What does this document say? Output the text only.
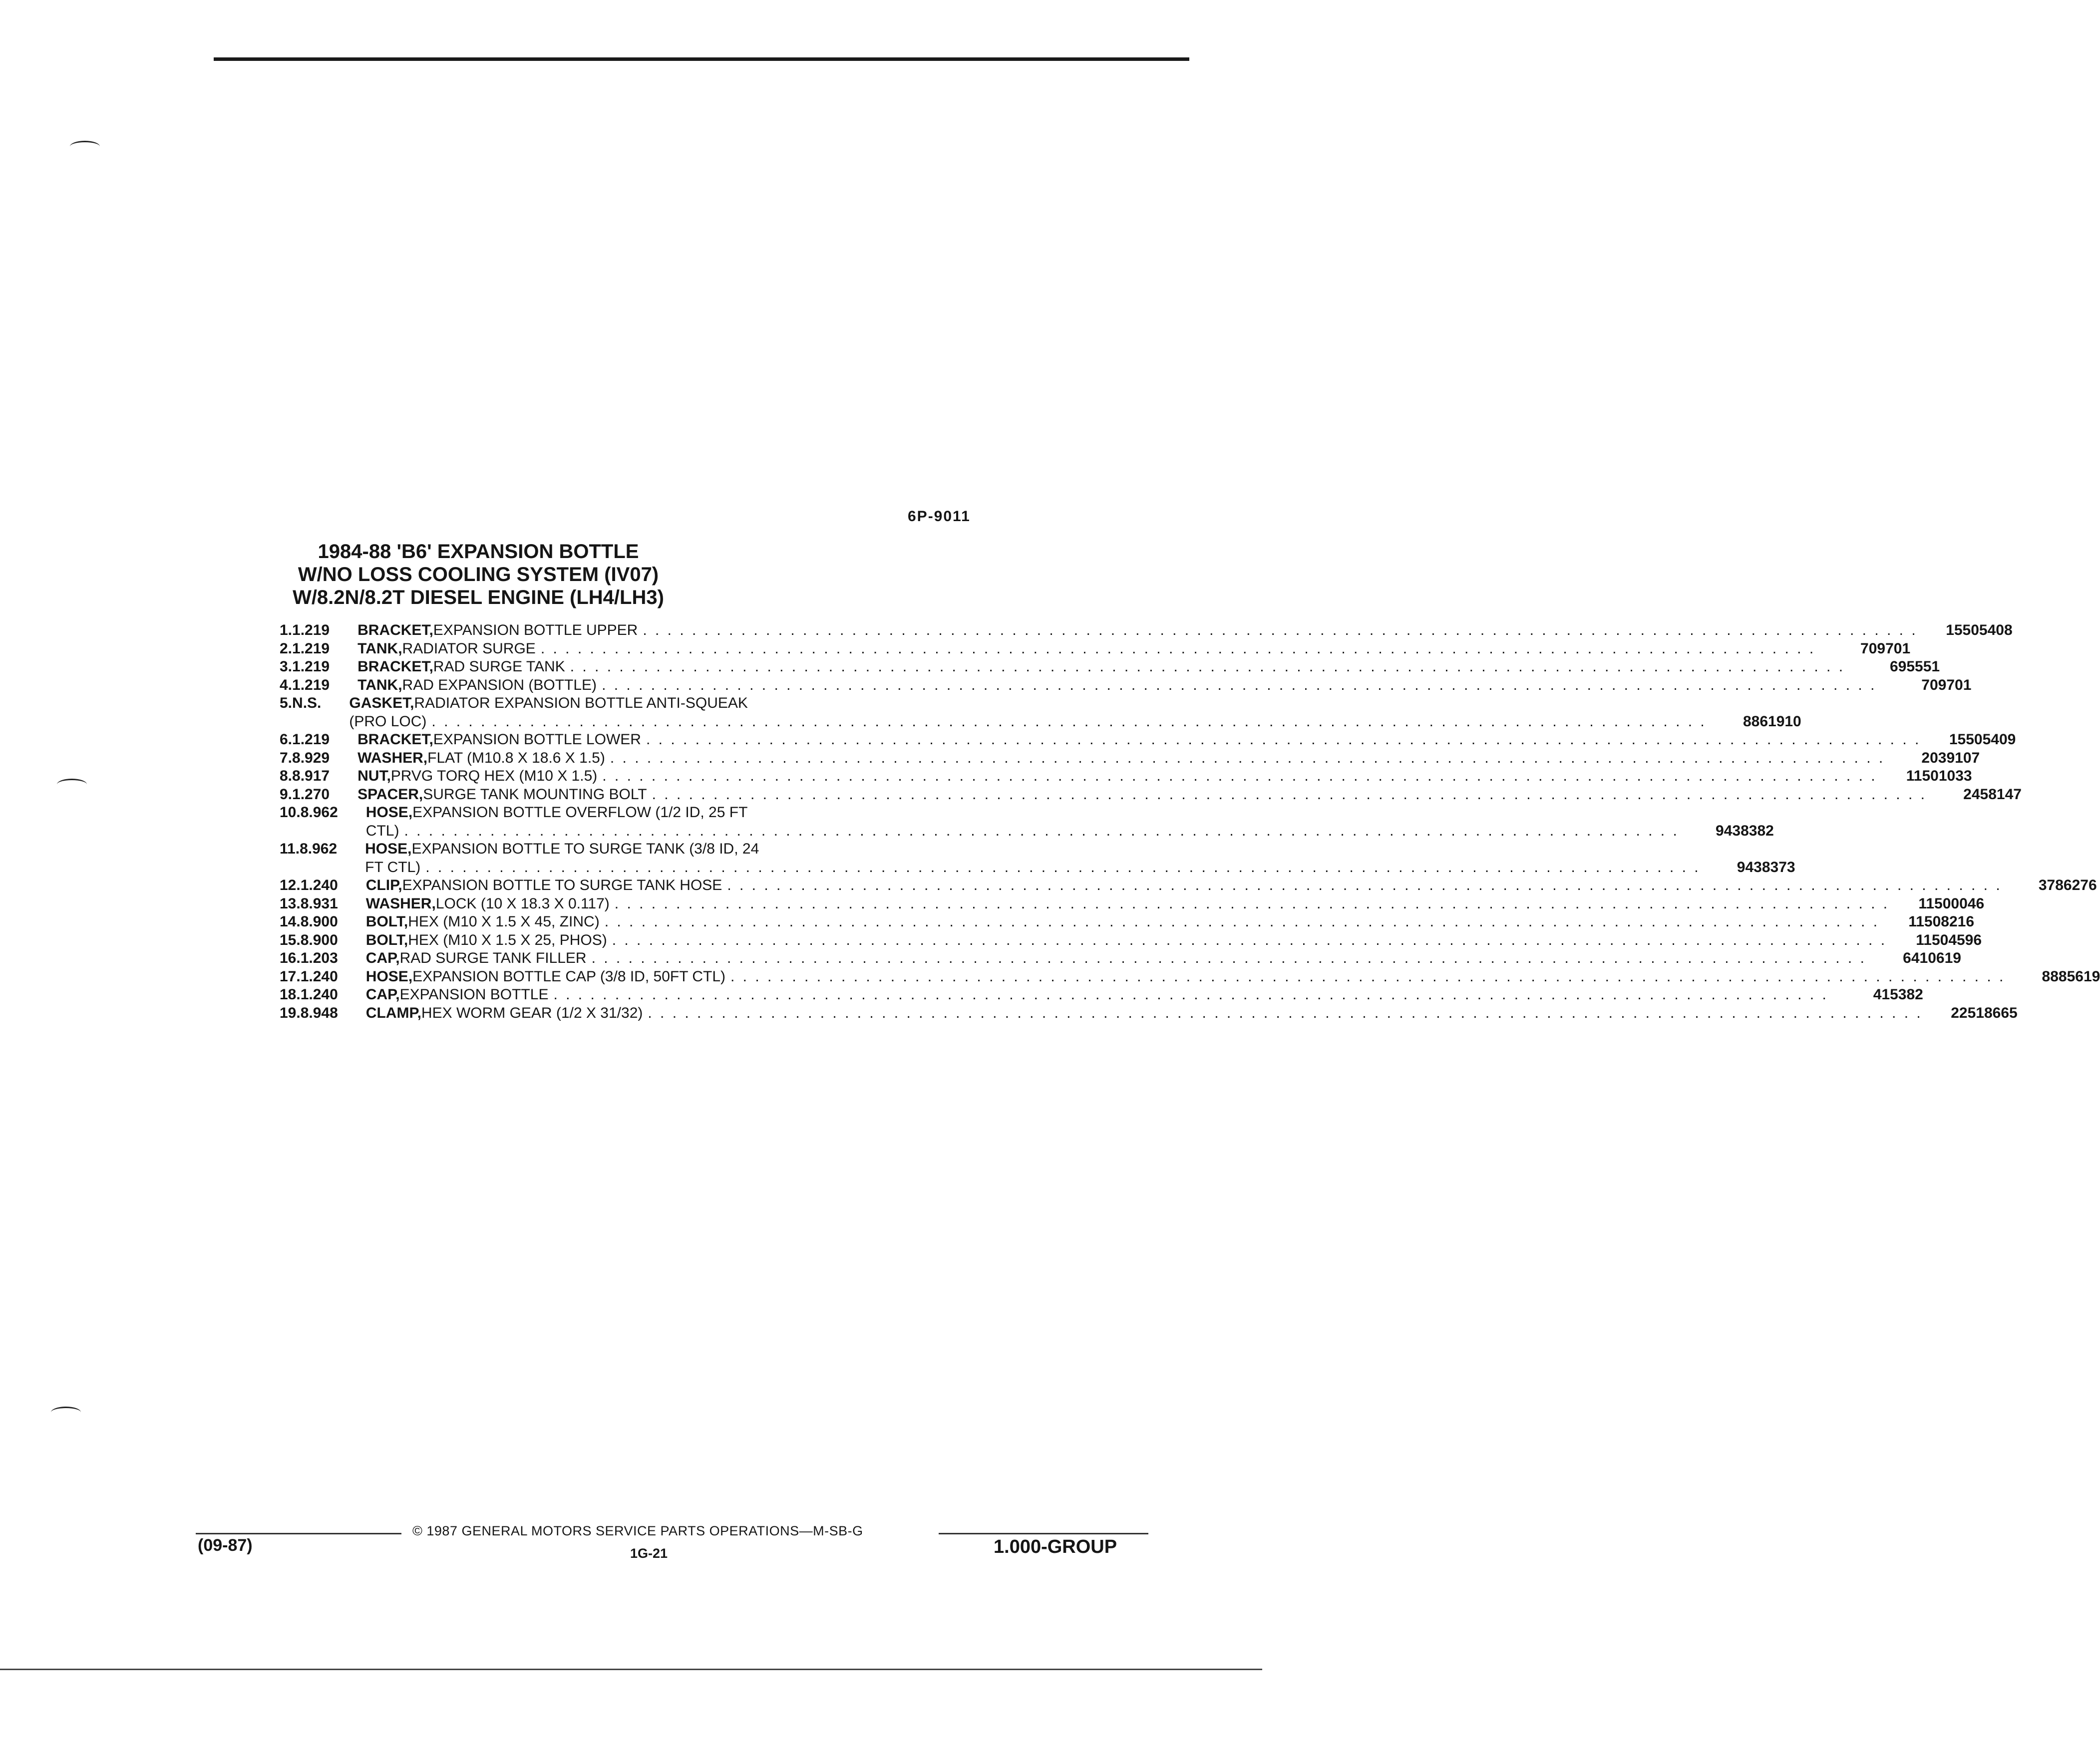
6P-9011
1984-88 'B6' EXPANSION BOTTLE
W/NO LOSS COOLING SYSTEM (IV07)
W/8.2N/8.2T DIESEL ENGINE (LH4/LH3)
1. 1.219	BRACKET, EXPANSION BOTTLE UPPER . . .	15505408
2. 1.219	TANK, RADIATOR SURGE . . .	709701
3. 1.219	BRACKET, RAD SURGE TANK . . .	695551
4. 1.219	TANK, RAD EXPANSION (BOTTLE) . . .	709701
5. N.S.	GASKET, RADIATOR EXPANSION BOTTLE ANTI-SQUEAK
(PRO LOC) . . .	8861910
6. 1.219	BRACKET, EXPANSION BOTTLE LOWER . . .	15505409
7. 8.929	WASHER, FLAT (M10.8 X 18.6 X 1.5) . . .	2039107
8. 8.917	NUT, PRVG TORQ HEX (M10 X 1.5) . . .	11501033
9. 1.270	SPACER, SURGE TANK MOUNTING BOLT . . .	2458147
10. 8.962	HOSE, EXPANSION BOTTLE OVERFLOW (1/2 ID, 25 FT
CTL) . . .	9438382
11. 8.962	HOSE, EXPANSION BOTTLE TO SURGE TANK (3/8 ID, 24
FT CTL) . . .	9438373
12. 1.240	CLIP, EXPANSION BOTTLE TO SURGE TANK HOSE . . .	3786276
13. 8.931	WASHER, LOCK (10 X 18.3 X 0.117) . . .	11500046
14. 8.900	BOLT, HEX (M10 X 1.5 X 45, ZINC) . . .	11508216
15. 8.900	BOLT, HEX (M10 X 1.5 X 25, PHOS) . . .	11504596
16. 1.203	CAP, RAD SURGE TANK FILLER . . .	6410619
17. 1.240	HOSE, EXPANSION BOTTLE CAP (3/8 ID, 50FT CTL) . . .	8885619
18. 1.240	CAP, EXPANSION BOTTLE . . .	415382
19. 8.948	CLAMP, HEX WORM GEAR (1/2 X 31/32) . . .	22518665
(09-87)
© 1987 GENERAL MOTORS SERVICE PARTS OPERATIONS—M-SB-G
1G-21	1.000-GROUP
